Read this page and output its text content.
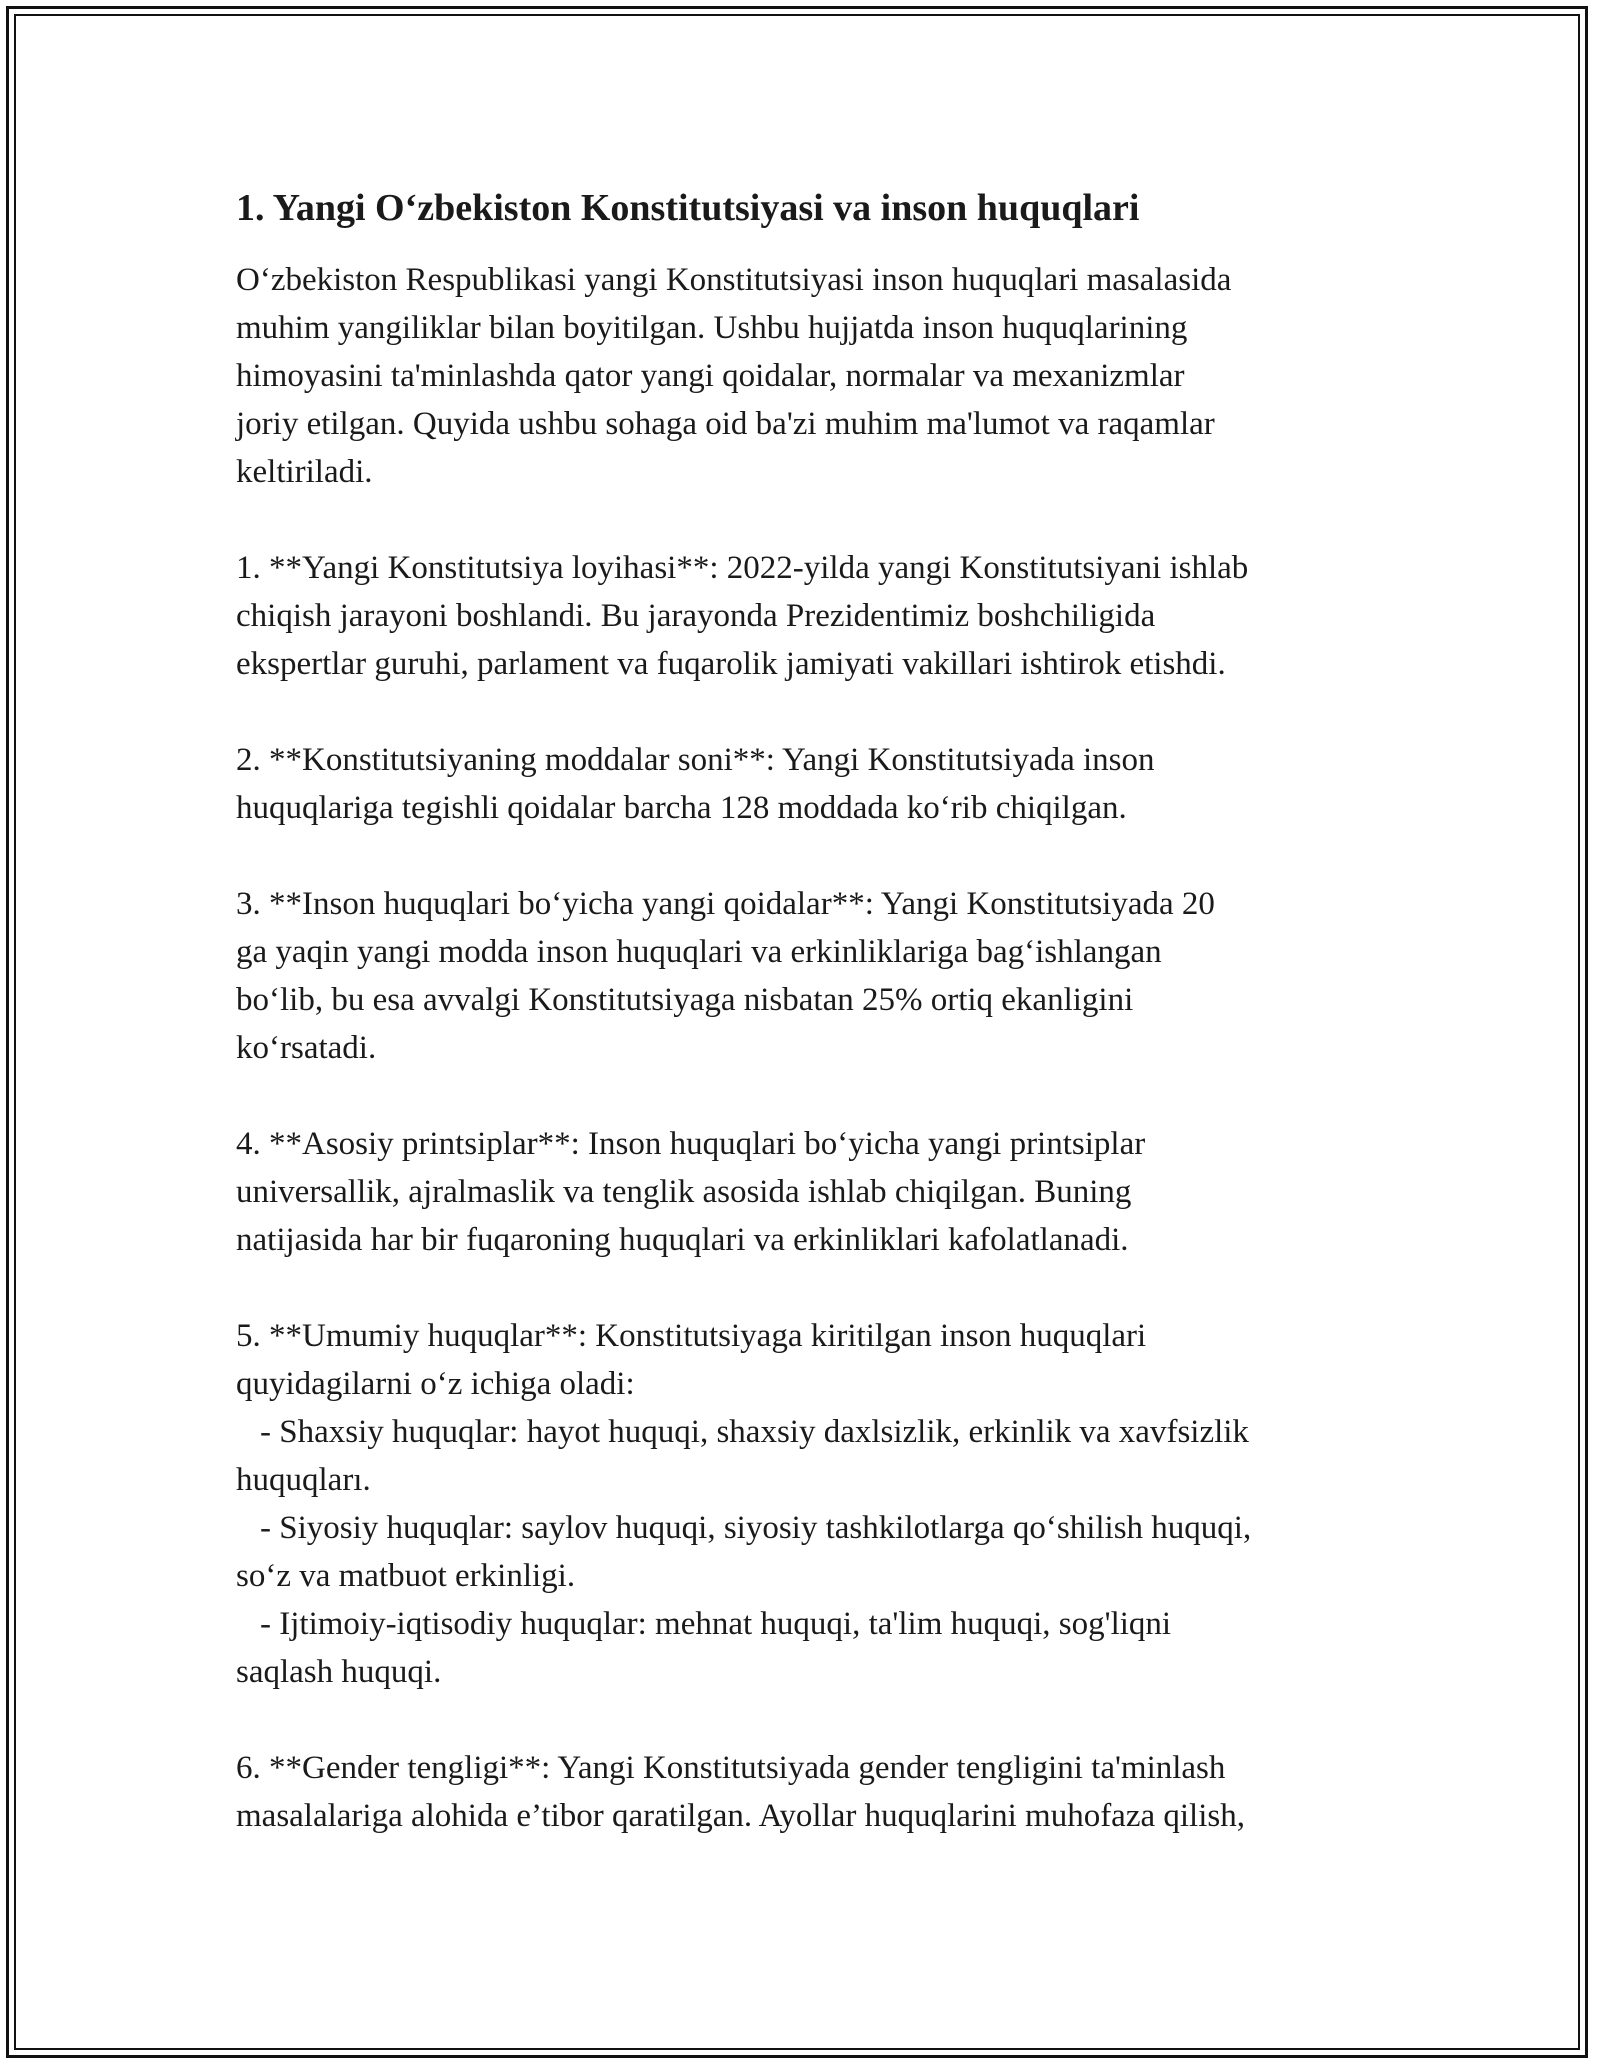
1. Yangi O‘zbekiston Konstitutsiyasi va inson huquqlari
O‘zbekiston Respublikasi yangi Konstitutsiyasi inson huquqlari masalasida
muhim yangiliklar bilan boyitilgan. Ushbu hujjatda inson huquqlarining
himoyasini ta'minlashda qator yangi qoidalar, normalar va mexanizmlar
joriy etilgan. Quyida ushbu sohaga oid ba'zi muhim ma'lumot va raqamlar
keltiriladi.
1. **Yangi Konstitutsiya loyihasi**: 2022-yilda yangi Konstitutsiyani ishlab
chiqish jarayoni boshlandi. Bu jarayonda Prezidentimiz boshchiligida
ekspertlar guruhi, parlament va fuqarolik jamiyati vakillari ishtirok etishdi.
2. **Konstitutsiyaning moddalar soni**: Yangi Konstitutsiyada inson
huquqlariga tegishli qoidalar barcha 128 moddada ko‘rib chiqilgan.
3. **Inson huquqlari bo‘yicha yangi qoidalar**: Yangi Konstitutsiyada 20
ga yaqin yangi modda inson huquqlari va erkinliklariga bag‘ishlangan
bo‘lib, bu esa avvalgi Konstitutsiyaga nisbatan 25% ortiq ekanligini
ko‘rsatadi.
4. **Asosiy printsiplar**: Inson huquqlari bo‘yicha yangi printsiplar
universallik, ajralmaslik va tenglik asosida ishlab chiqilgan. Buning
natijasida har bir fuqaroning huquqlari va erkinliklari kafolatlanadi.
5. **Umumiy huquqlar**: Konstitutsiyaga kiritilgan inson huquqlari
quyidagilarni o‘z ichiga oladi:
- Shaxsiy huquqlar: hayot huquqi, shaxsiy daxlsizlik, erkinlik va xavfsizlik
huquqları.
- Siyosiy huquqlar: saylov huquqi, siyosiy tashkilotlarga qo‘shilish huquqi,
so‘z va matbuot erkinligi.
- Ijtimoiy-iqtisodiy huquqlar: mehnat huquqi, ta'lim huquqi, sog'liqni
saqlash huquqi.
6. **Gender tengligi**: Yangi Konstitutsiyada gender tengligini ta'minlash
masalalariga alohida e’tibor qaratilgan. Ayollar huquqlarini muhofaza qilish,
